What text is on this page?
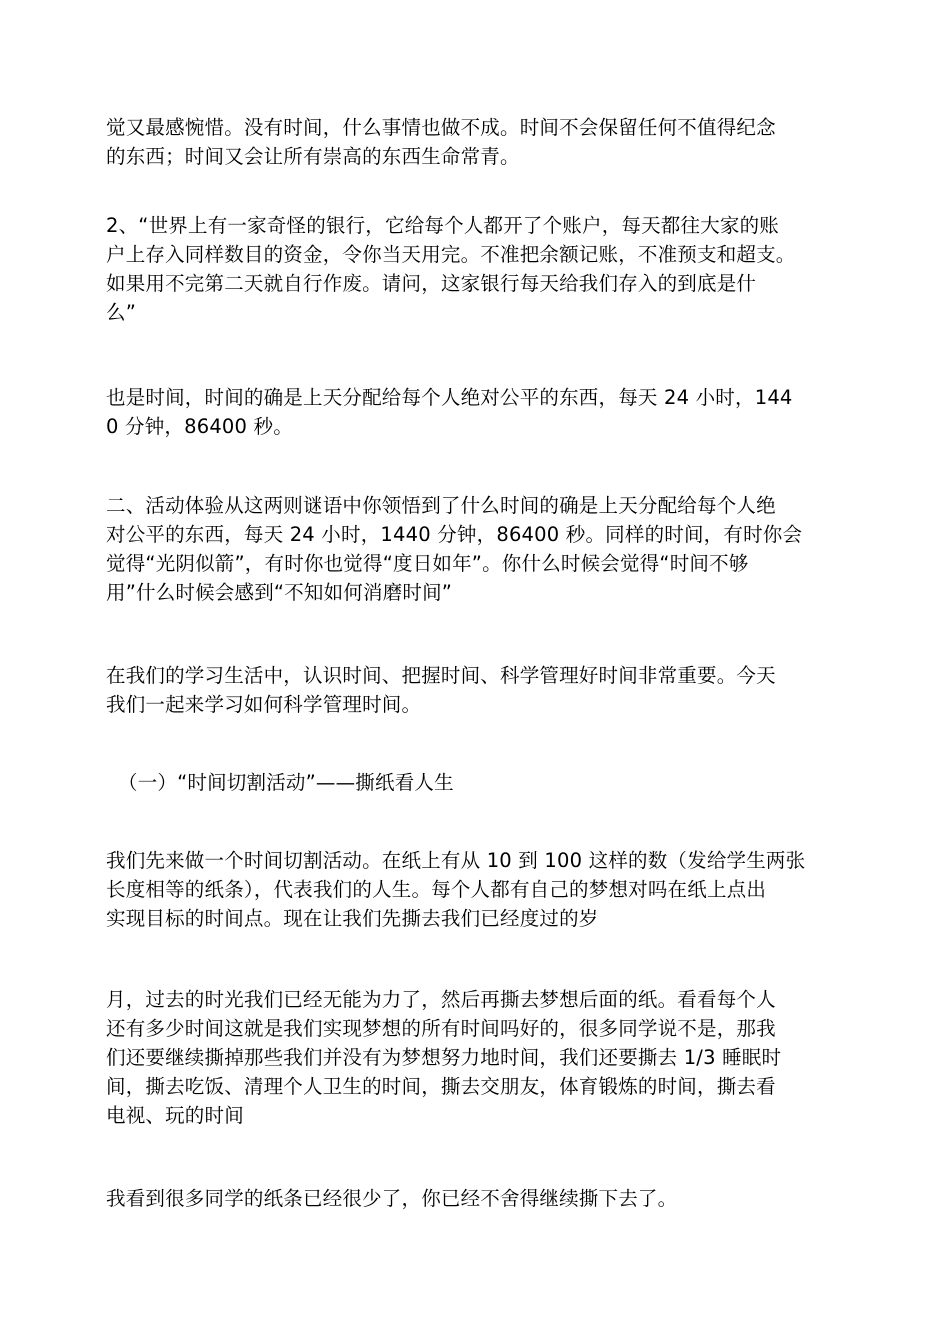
觉又最感惋惜。没有时间，什么事情也做不成。时间不会保留任何不值得纪念
的东西；时间又会让所有崇高的东西生命常青。
2、“世界上有一家奇怪的银行，它给每个人都开了个账户，每天都往大家的账
户上存入同样数目的资金，令你当天用完。不准把余额记账，不准预支和超支。
如果用不完第二天就自行作废。请问，这家银行每天给我们存入的到底是什
么”
也是时间，时间的确是上天分配给每个人绝对公平的东西，每天 24 小时，144
0 分钟，86400 秒。
二、活动体验从这两则谜语中你领悟到了什么时间的确是上天分配给每个人绝
对公平的东西，每天 24 小时，1440 分钟，86400 秒。同样的时间，有时你会
觉得“光阴似箭”，有时你也觉得“度日如年”。你什么时候会觉得“时间不够
用”什么时候会感到“不知如何消磨时间”
在我们的学习生活中，认识时间、把握时间、科学管理好时间非常重要。今天
我们一起来学习如何科学管理时间。
（一）“时间切割活动”——撕纸看人生
我们先来做一个时间切割活动。在纸上有从 10 到 100 这样的数（发给学生两张
长度相等的纸条），代表我们的人生。每个人都有自己的梦想对吗在纸上点出
实现目标的时间点。现在让我们先撕去我们已经度过的岁
月，过去的时光我们已经无能为力了，然后再撕去梦想后面的纸。看看每个人
还有多少时间这就是我们实现梦想的所有时间吗好的，很多同学说不是，那我
们还要继续撕掉那些我们并没有为梦想努力地时间，我们还要撕去 1/3 睡眠时
间，撕去吃饭、清理个人卫生的时间，撕去交朋友，体育锻炼的时间，撕去看
电视、玩的时间
我看到很多同学的纸条已经很少了，你已经不舍得继续撕下去了。
